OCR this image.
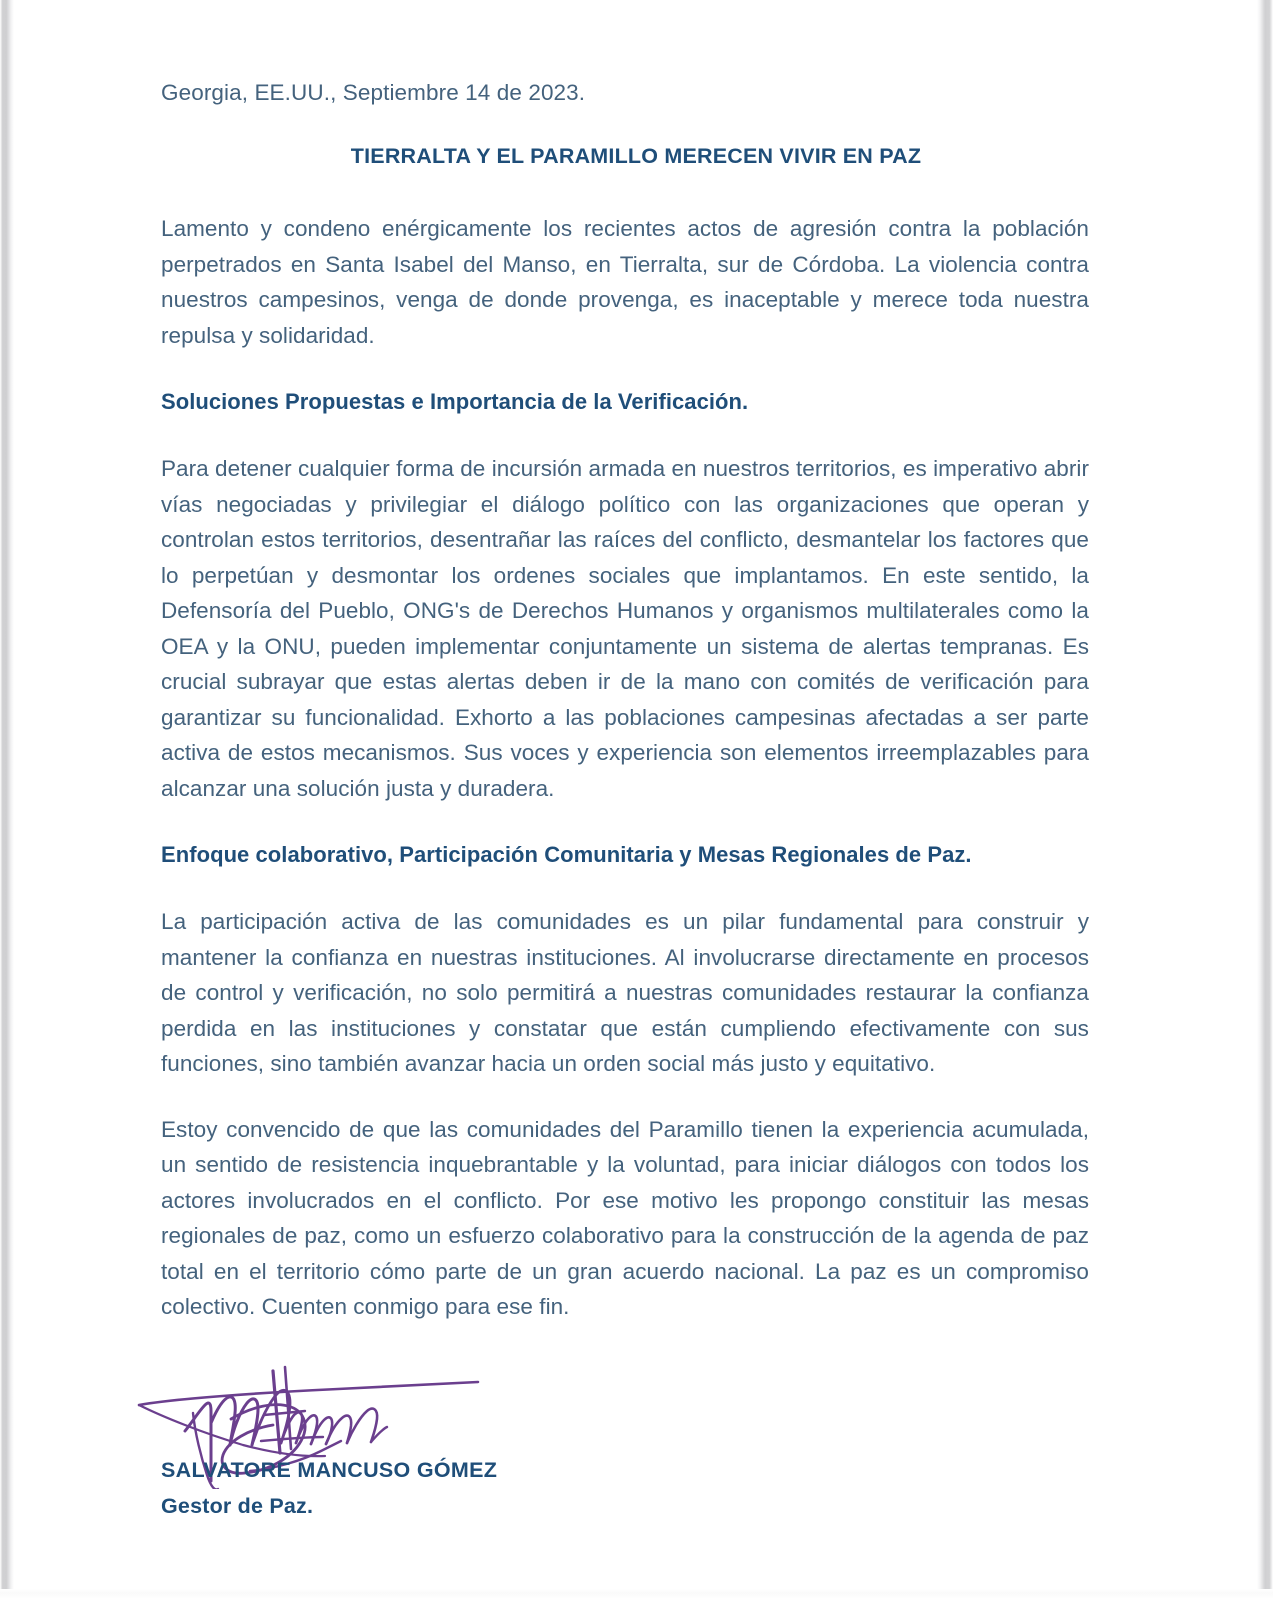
Georgia, EE.UU., Septiembre 14 de 2023.

TIERRALTA Y EL PARAMILLO MERECEN VIVIR EN PAZ

Lamento y condeno enérgicamente los recientes actos de agresión contra la población perpetrados en Santa Isabel del Manso, en Tierralta, sur de Córdoba. La violencia contra nuestros campesinos, venga de donde provenga, es inaceptable y merece toda nuestra repulsa y solidaridad.

Soluciones Propuestas e Importancia de la Verificación.

Para detener cualquier forma de incursión armada en nuestros territorios, es imperativo abrir vías negociadas y privilegiar el diálogo político con las organizaciones que operan y controlan estos territorios, desentrañar las raíces del conflicto, desmantelar los factores que lo perpetúan y desmontar los ordenes sociales que implantamos. En este sentido, la Defensoría del Pueblo, ONG's de Derechos Humanos y organismos multilaterales como la OEA y la ONU, pueden implementar conjuntamente un sistema de alertas tempranas. Es crucial subrayar que estas alertas deben ir de la mano con comités de verificación para garantizar su funcionalidad. Exhorto a las poblaciones campesinas afectadas a ser parte activa de estos mecanismos. Sus voces y experiencia son elementos irreemplazables para alcanzar una solución justa y duradera.

Enfoque colaborativo, Participación Comunitaria y Mesas Regionales de Paz.

La participación activa de las comunidades es un pilar fundamental para construir y mantener la confianza en nuestras instituciones. Al involucrarse directamente en procesos de control y verificación, no solo permitirá a nuestras comunidades restaurar la confianza perdida en las instituciones y constatar que están cumpliendo efectivamente con sus funciones, sino también avanzar hacia un orden social más justo y equitativo.

Estoy convencido de que las comunidades del Paramillo tienen la experiencia acumulada, un sentido de resistencia inquebrantable y la voluntad, para iniciar diálogos con todos los actores involucrados en el conflicto. Por ese motivo les propongo constituir las mesas regionales de paz, como un esfuerzo colaborativo para la construcción de la agenda de paz total en el territorio cómo parte de un gran acuerdo nacional. La paz es un compromiso colectivo. Cuenten conmigo para ese fin.

SALVATORE MANCUSO GÓMEZ
Gestor de Paz.
